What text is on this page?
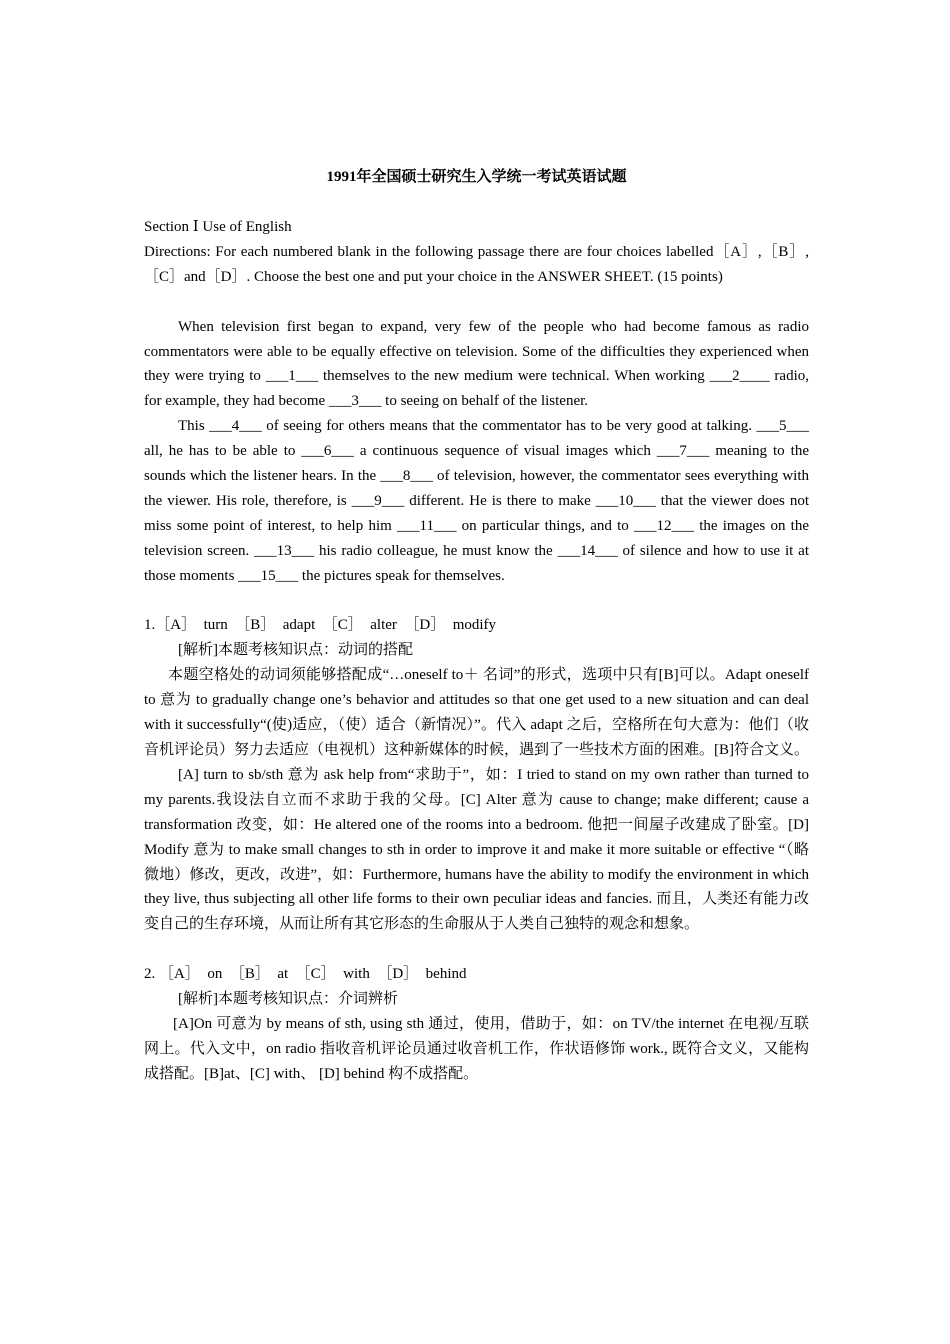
1991年全国硕士研究生入学统一考试英语试题

Section Ⅰ Use of English

Directions: For each numbered blank in the following passage there are four choices labelled［A］,［B］,［C］and［D］. Choose the best one and put your choice in the ANSWER SHEET. (15 points)

When television first began to expand, very few of the people who had become famous as radio commentators were able to be equally effective on television. Some of the difficulties they experienced when they were trying to ___1___ themselves to the new medium were technical. When working ___2____ radio, for example, they had become ___3___ to seeing on behalf of the listener.

This ___4___ of seeing for others means that the commentator has to be very good at talking. ___5___ all, he has to be able to ___6___ a continuous sequence of visual images which ___7___ meaning to the sounds which the listener hears. In the ___8___ of television, however, the commentator sees everything with the viewer. His role, therefore, is ___9___ different. He is there to make ___10___ that the viewer does not miss some point of interest, to help him ___11___ on particular things, and to ___12___ the images on the television screen. ___13___ his radio colleague, he must know the ___14___ of silence and how to use it at those moments ___15___ the pictures speak for themselves.

1.［A］  turn  ［B］  adapt  ［C］  alter  ［D］  modify

[解析]本题考核知识点：动词的搭配

本题空格处的动词须能够搭配成“…oneself to＋ 名词”的形式，选项中只有[B]可以。Adapt oneself to 意为 to gradually change one’s behavior and attitudes so that one get used to a new situation and can deal with it successfully“(使)适应，（使）适合（新情况）”。代入 adapt 之后，空格所在句大意为：他们（收音机评论员）努力去适应（电视机）这种新媒体的时候，遇到了一些技术方面的困难。[B]符合文义。

[A] turn to sb/sth 意为 ask help from“求助于”，如：I tried to stand on my own rather than turned to my parents.我设法自立而不求助于我的父母。[C] Alter 意为 cause to change; make different; cause a transformation 改变，如：He altered one of the rooms into a bedroom. 他把一间屋子改建成了卧室。[D] Modify 意为 to make small changes to sth in order to improve it and make it more suitable or effective “（略微地）修改，更改，改进”，如：Furthermore, humans have the ability to modify the environment in which they live, thus subjecting all other life forms to their own peculiar ideas and fancies. 而且，人类还有能力改变自己的生存环境，从而让所有其它形态的生命服从于人类自己独特的观念和想象。

2. ［A］  on  ［B］  at  ［C］  with  ［D］  behind

[解析]本题考核知识点：介词辨析

[A]On 可意为 by means of sth, using sth 通过，使用，借助于，如：on TV/the internet 在电视/互联网上。代入文中，on radio 指收音机评论员通过收音机工作，作状语修饰 work., 既符合文义，又能构成搭配。[B]at、[C] with、 [D] behind 构不成搭配。
